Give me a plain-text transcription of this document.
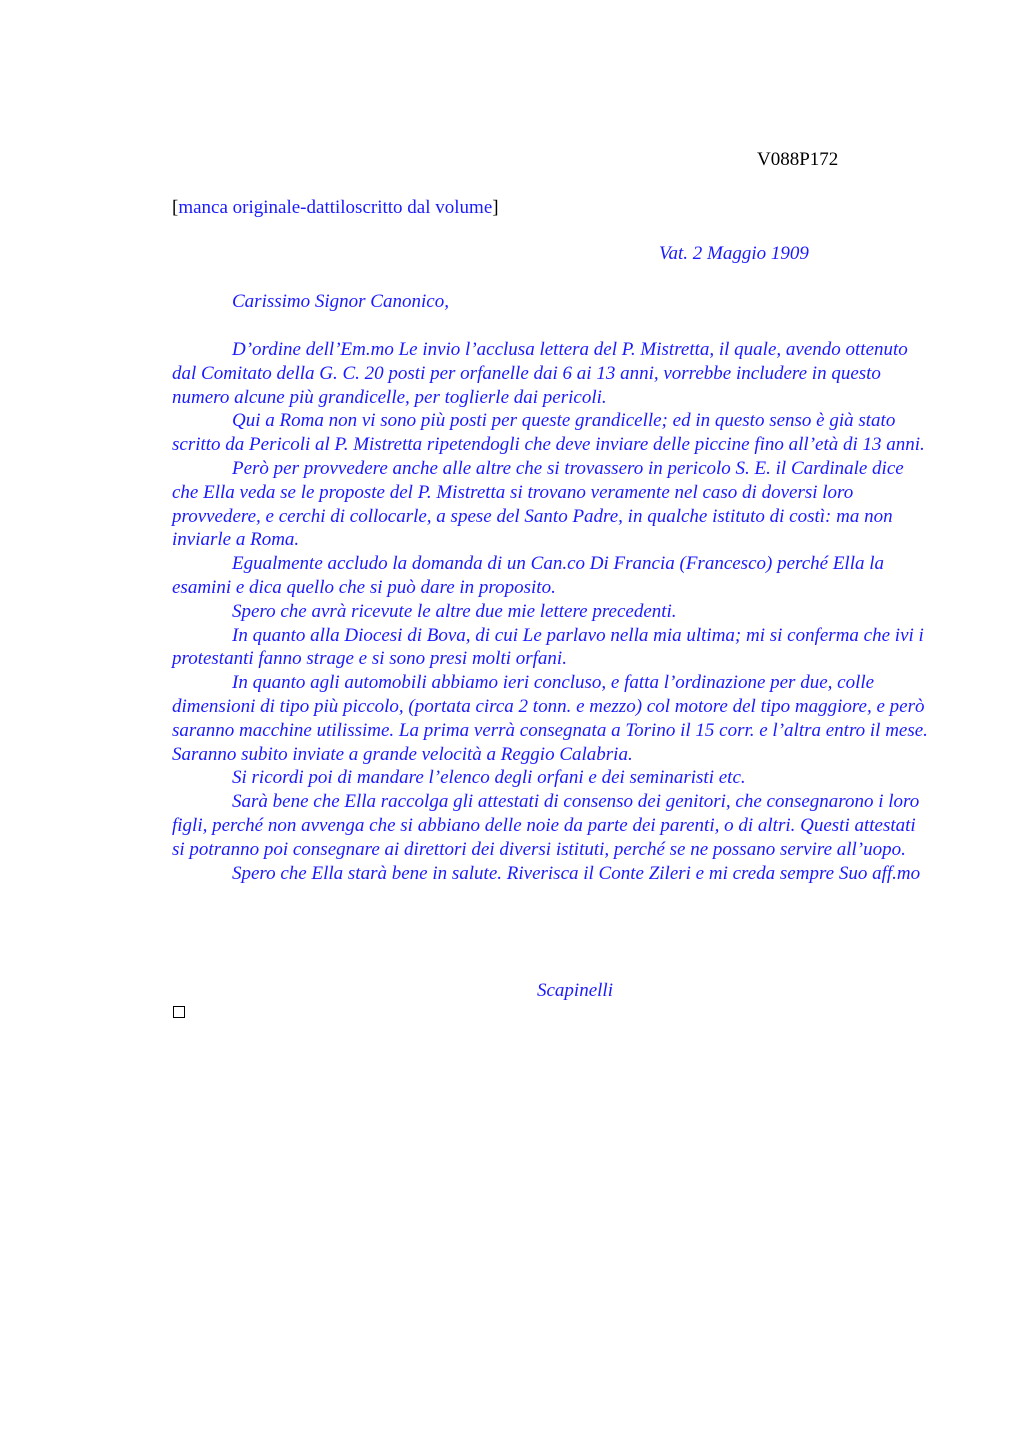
V088P172
[manca originale-dattiloscritto dal volume]
Vat. 2 Maggio 1909
Carissimo Signor Canonico,

D’ordine dell’Em.mo Le invio l’acclusa lettera del P. Mistretta, il quale, avendo ottenuto dal Comitato della G. C. 20 posti per orfanelle dai 6 ai 13 anni, vorrebbe includere in questo numero alcune più grandicelle, per toglierle dai pericoli.

Qui a Roma non vi sono più posti per queste grandicelle; ed in questo senso è già stato scritto da Pericoli al P. Mistretta ripetendogli che deve inviare delle piccine fino all’età di 13 anni.

Però per provvedere anche alle altre che si trovassero in pericolo S. E. il Cardinale dice che Ella veda se le proposte del P. Mistretta si trovano veramente nel caso di doversi loro provvedere, e cerchi di collocarle, a spese del Santo Padre, in qualche istituto di costì: ma non inviarle a Roma.

Egualmente accludo la domanda di un Can.co Di Francia (Francesco) perché Ella la esamini e dica quello che si può dare in proposito.

Spero che avrà ricevute le altre due mie lettere precedenti.

In quanto alla Diocesi di Bova, di cui Le parlavo nella mia ultima; mi si conferma che ivi i protestanti fanno strage e si sono presi molti orfani.

In quanto agli automobili abbiamo ieri concluso, e fatta l’ordinazione per due, colle dimensioni di tipo più piccolo, (portata circa 2 tonn. e mezzo) col motore del tipo maggiore, e però saranno macchine utilissime. La prima verrà consegnata a Torino il 15 corr. e l’altra entro il mese. Saranno subito inviate a grande velocità a Reggio Calabria.

Si ricordi poi di mandare l’elenco degli orfani e dei seminaristi etc.

Sarà bene che Ella raccolga gli attestati di consenso dei genitori, che consegnarono i loro figli, perché non avvenga che si abbiano delle noie da parte dei parenti, o di altri. Questi attestati si potranno poi consegnare ai direttori dei diversi istituti, perché se ne possano servire all’uopo.

Spero che Ella starà bene in salute. Riverisca il Conte Zileri e mi creda sempre Suo aff.mo

Scapinelli
